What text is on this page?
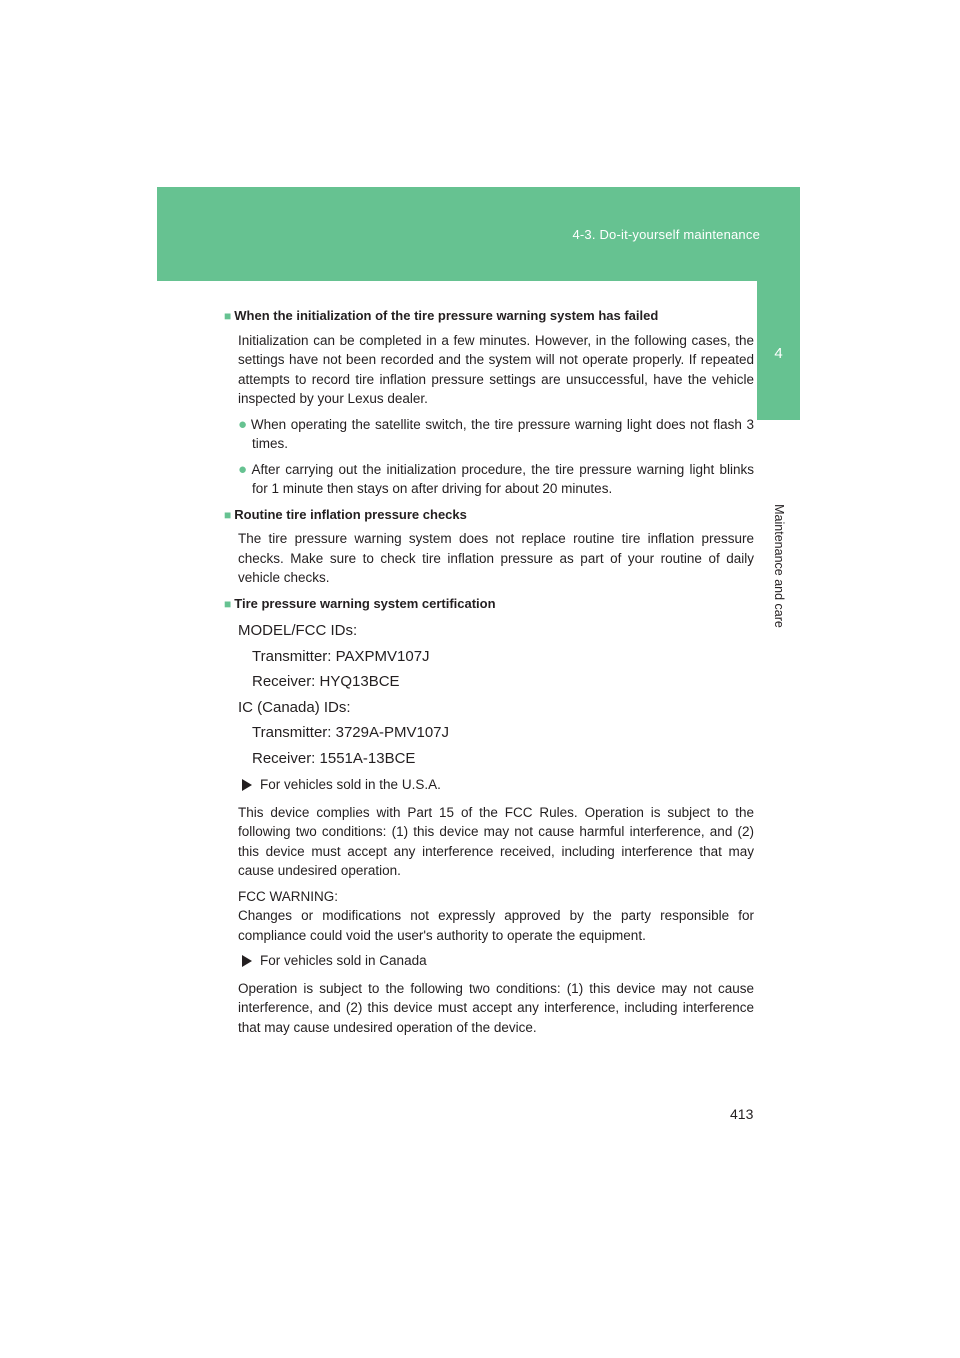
4-3. Do-it-yourself maintenance
4
Maintenance and care
■ When the initialization of the tire pressure warning system has failed
Initialization can be completed in a few minutes. However, in the following cases, the settings have not been recorded and the system will not operate properly. If repeated attempts to record tire inflation pressure settings are unsuccessful, have the vehicle inspected by your Lexus dealer.
● When operating the satellite switch, the tire pressure warning light does not flash 3 times.
● After carrying out the initialization procedure, the tire pressure warning light blinks for 1 minute then stays on after driving for about 20 minutes.
■ Routine tire inflation pressure checks
The tire pressure warning system does not replace routine tire inflation pressure checks. Make sure to check tire inflation pressure as part of your routine of daily vehicle checks.
■ Tire pressure warning system certification
MODEL/FCC IDs:
Transmitter: PAXPMV107J
Receiver: HYQ13BCE
IC (Canada) IDs:
Transmitter: 3729A-PMV107J
Receiver: 1551A-13BCE
For vehicles sold in the U.S.A.
This device complies with Part 15 of the FCC Rules. Operation is subject to the following two conditions: (1) this device may not cause harmful interference, and (2) this device must accept any interference received, including interference that may cause undesired operation.
FCC WARNING:
Changes or modifications not expressly approved by the party responsible for compliance could void the user's authority to operate the equipment.
For vehicles sold in Canada
Operation is subject to the following two conditions: (1) this device may not cause interference, and (2) this device must accept any interference, including interference that may cause undesired operation of the device.
413
